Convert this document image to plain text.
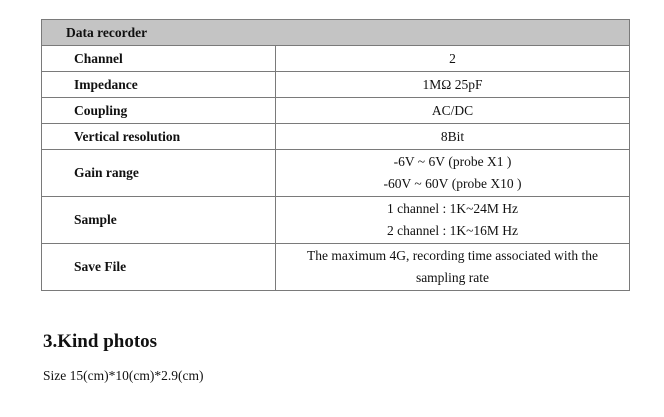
Data recorder	
Channel	2

Impedance	1MΩ 25pF

Coupling	AC/DC

Vertical resolution	8Bit

Gain range	-6V ~ 6V (probe X1 )
-60V ~ 60V (probe X10 )

Sample	1 channel : 1K~24M Hz
2 channel : 1K~16M Hz

Save File	The maximum 4G, recording time associated with the
sampling rate
3.Kind photos

Size 15(cm)*10(cm)*2.9(cm)
